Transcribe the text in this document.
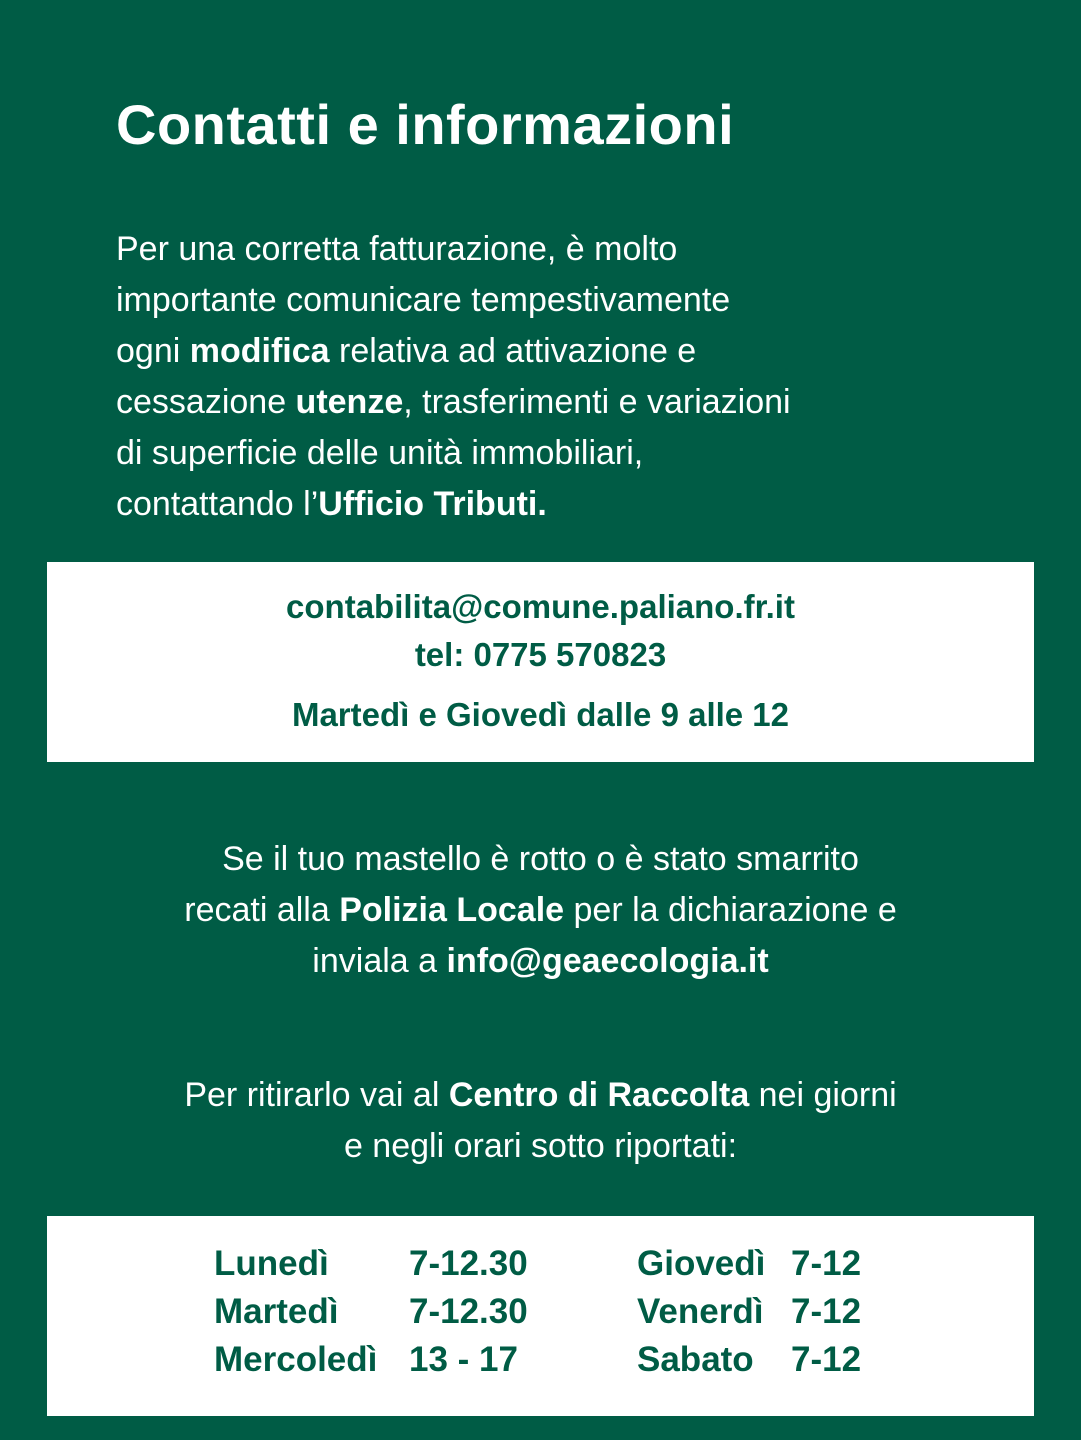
Contatti e informazioni
Per una corretta fatturazione, è molto
importante comunicare tempestivamente
ogni modifica relativa ad attivazione e
cessazione utenze, trasferimenti e variazioni
di superficie delle unità immobiliari,
contattando l’Ufficio Tributi.
contabilita@comune.paliano.fr.it
tel: 0775 570823
Martedì e Giovedì dalle 9 alle 12
Se il tuo mastello è rotto o è stato smarrito
recati alla Polizia Locale per la dichiarazione e
inviala a info@geaecologia.it
Per ritirarlo vai al Centro di Raccolta nei giorni
e negli orari sotto riportati:
Lunedì 7-12.30
Martedì 7-12.30
Mercoledì 13 - 17
Giovedì 7-12
Venerdì 7-12
Sabato 7-12
